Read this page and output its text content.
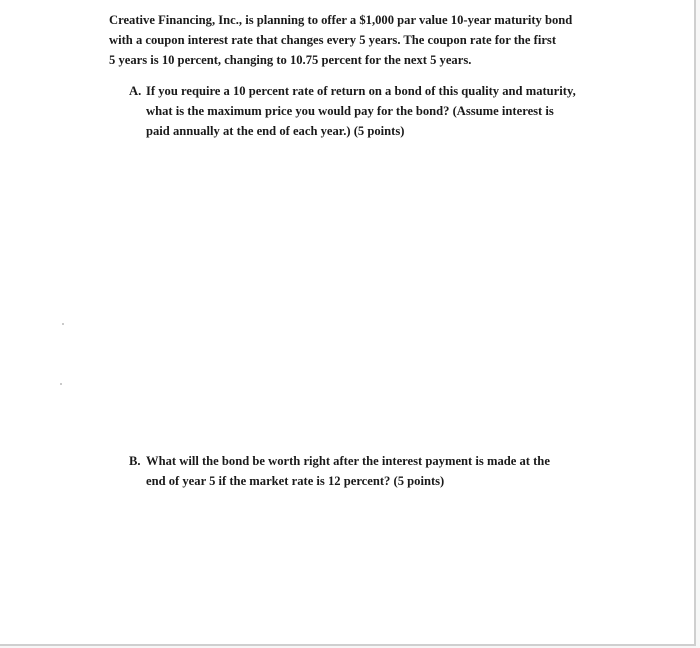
Creative Financing, Inc., is planning to offer a $1,000 par value 10-year maturity bond
with a coupon interest rate that changes every 5 years. The coupon rate for the first
5 years is 10 percent, changing to 10.75 percent for the next 5 years.
A. If you require a 10 percent rate of return on a bond of this quality and maturity,
what is the maximum price you would pay for the bond? (Assume interest is
paid annually at the end of each year.) (5 points)
B. What will the bond be worth right after the interest payment is made at the
end of year 5 if the market rate is 12 percent? (5 points)
